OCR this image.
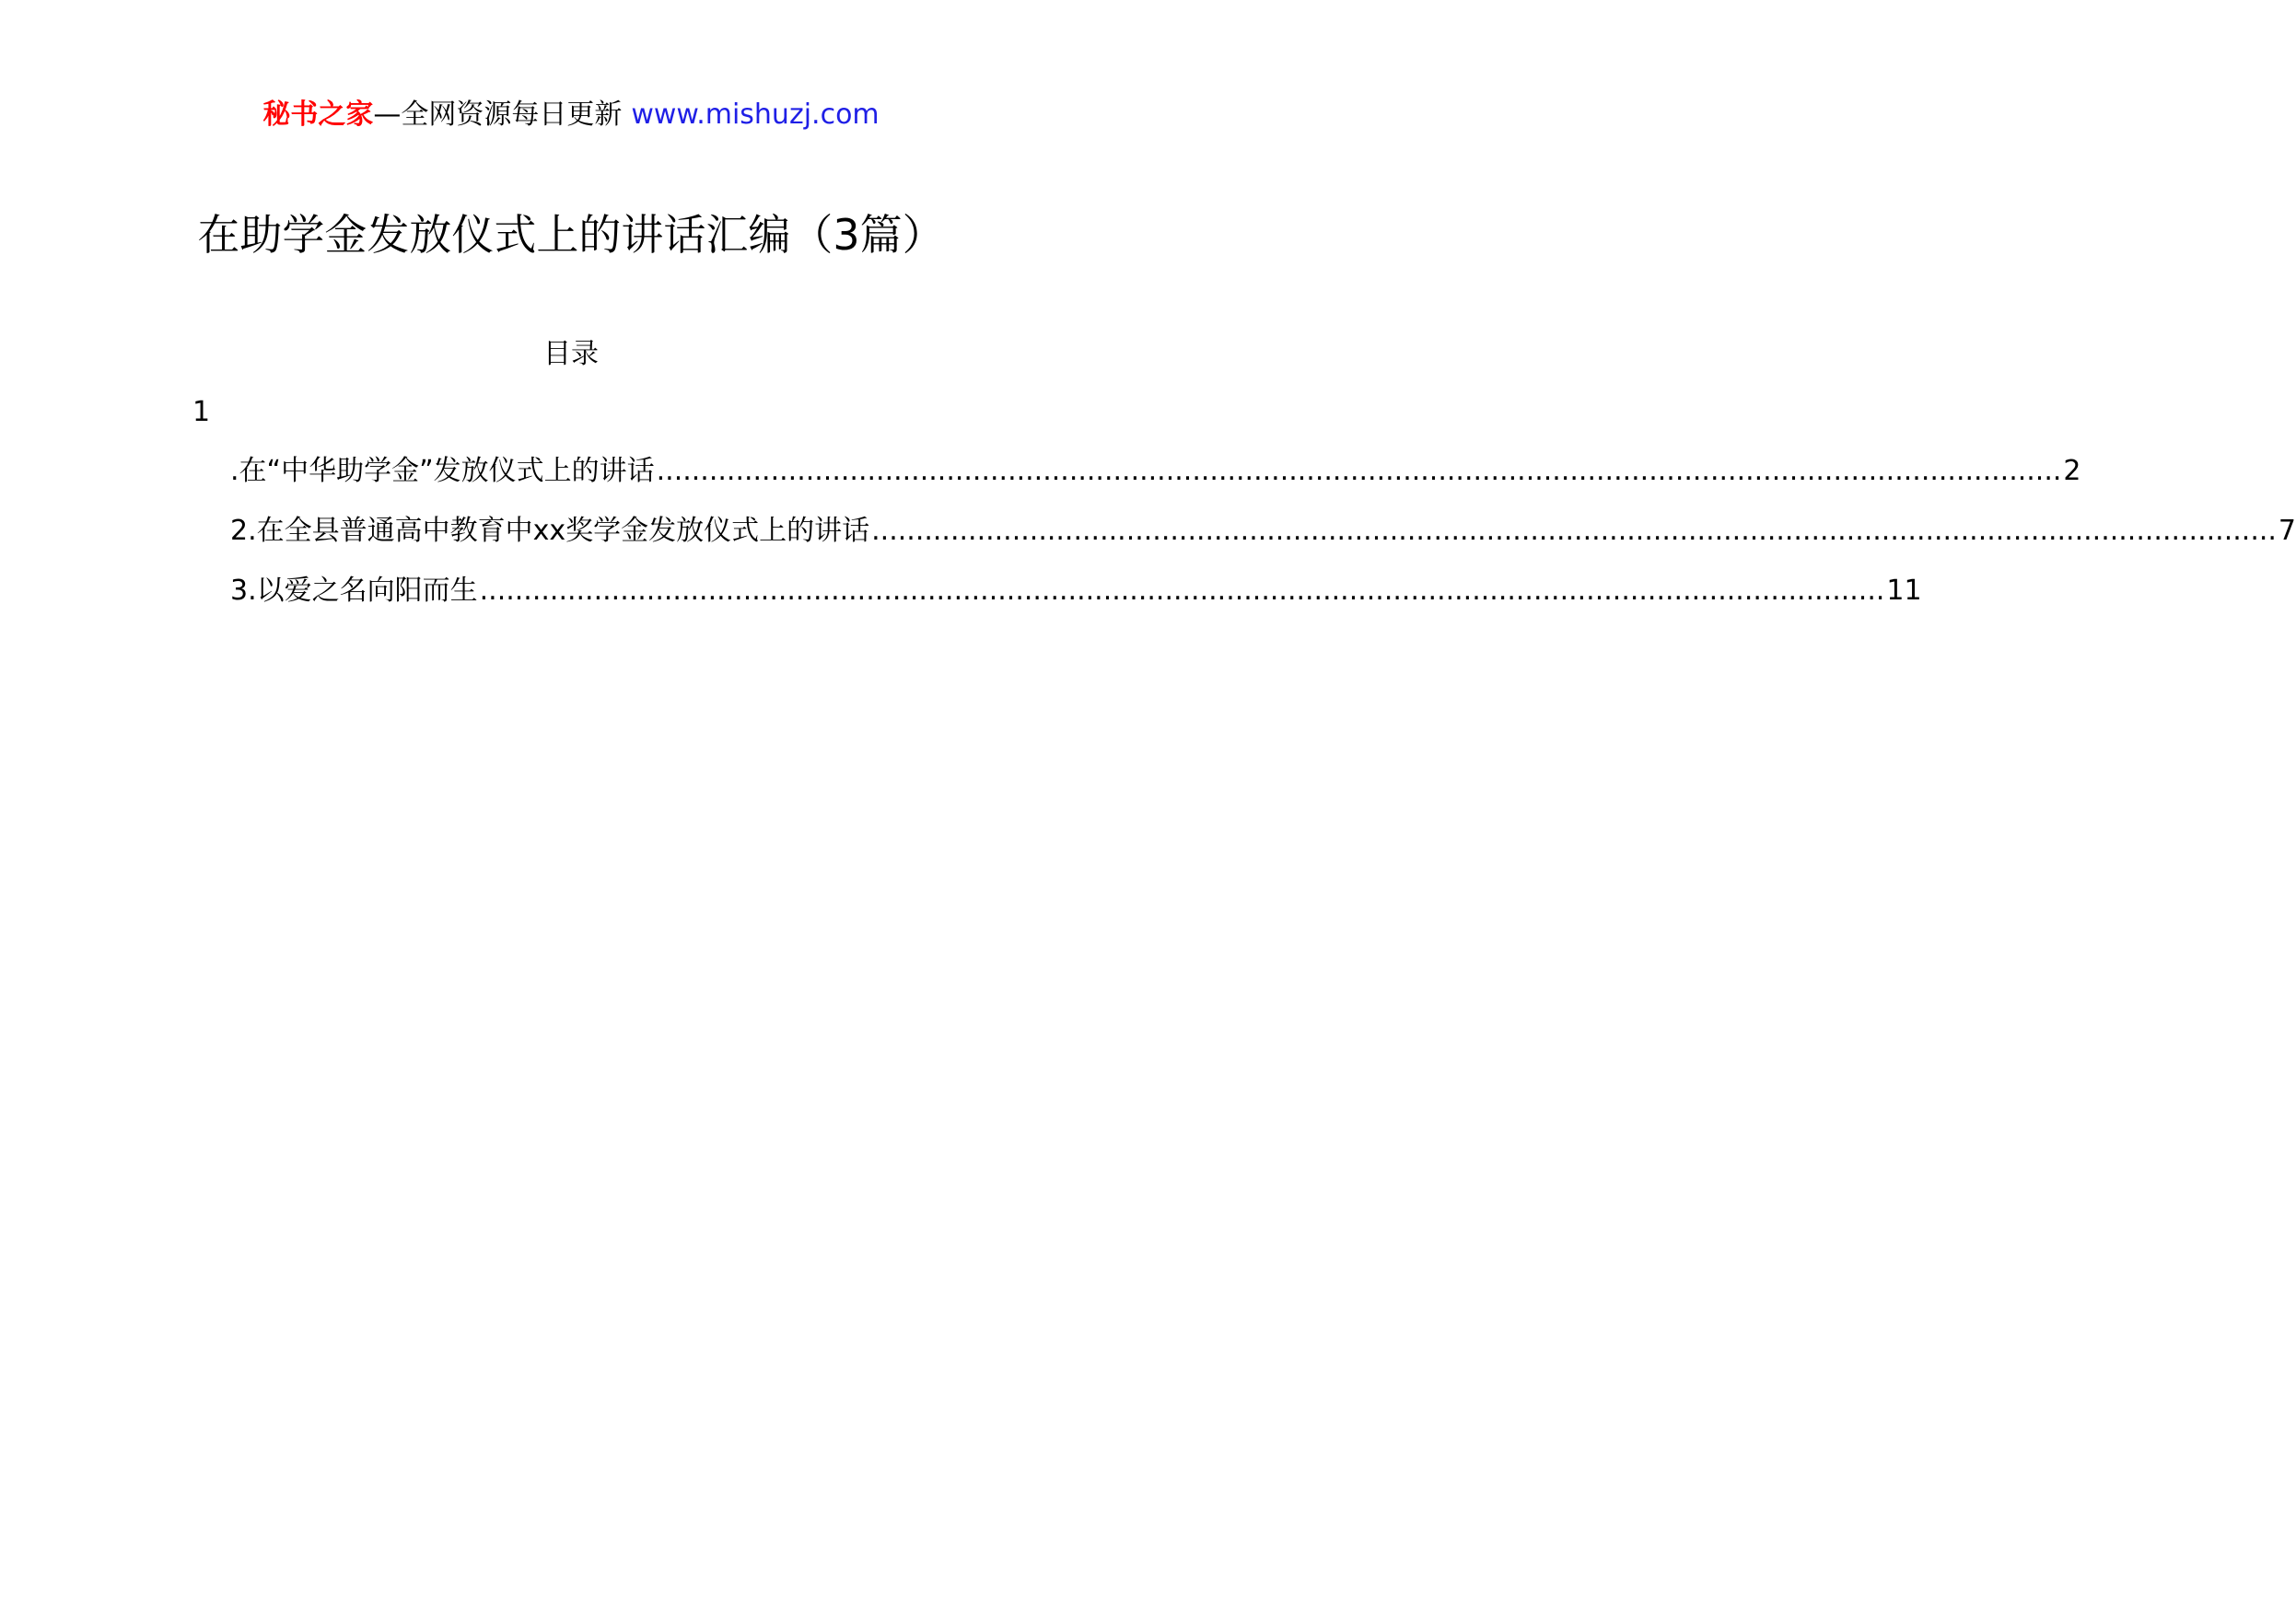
秘书之家—全网资源每日更新 www.mishuzj.com
在助学金发放仪式上的讲话汇编（3篇）
目录
1
.在“中华助学金”发放仪式上的讲话 ................................................................................................................................................................ 2
2.在全县普通高中教育中xx奖学金发放仪式上的讲话 ................................................................................................................................................................ 7
3.以爱之名向阳而生 ................................................................................................................................................................ 11
